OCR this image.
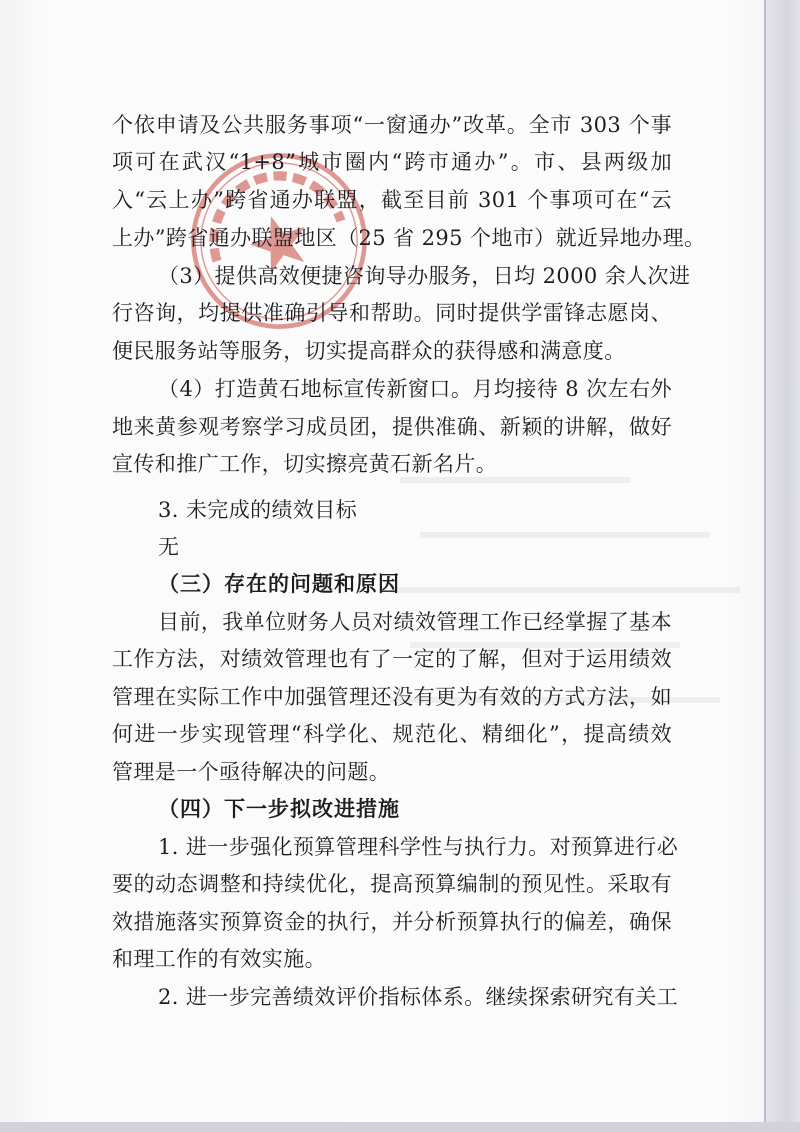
个依申请及公共服务事项“一窗通办”改革。全市 303 个事
项可在武汉“1+8”城市圈内“跨市通办”。市、县两级加
入“云上办”跨省通办联盟，截至目前 301 个事项可在“云
上办”跨省通办联盟地区（25 省 295 个地市）就近异地办理。
（3）提供高效便捷咨询导办服务，日均 2000 余人次进
行咨询，均提供准确引导和帮助。同时提供学雷锋志愿岗、
便民服务站等服务，切实提高群众的获得感和满意度。
（4）打造黄石地标宣传新窗口。月均接待 8 次左右外
地来黄参观考察学习成员团，提供准确、新颖的讲解，做好
宣传和推广工作，切实擦亮黄石新名片。
3. 未完成的绩效目标
无
（三）存在的问题和原因
目前，我单位财务人员对绩效管理工作已经掌握了基本
工作方法，对绩效管理也有了一定的了解，但对于运用绩效
管理在实际工作中加强管理还没有更为有效的方式方法，如
何进一步实现管理“科学化、规范化、精细化”，提高绩效
管理是一个亟待解决的问题。
（四）下一步拟改进措施
1. 进一步强化预算管理科学性与执行力。对预算进行必
要的动态调整和持续优化，提高预算编制的预见性。采取有
效措施落实预算资金的执行，并分析预算执行的偏差，确保
和理工作的有效实施。
2. 进一步完善绩效评价指标体系。继续探索研究有关工
